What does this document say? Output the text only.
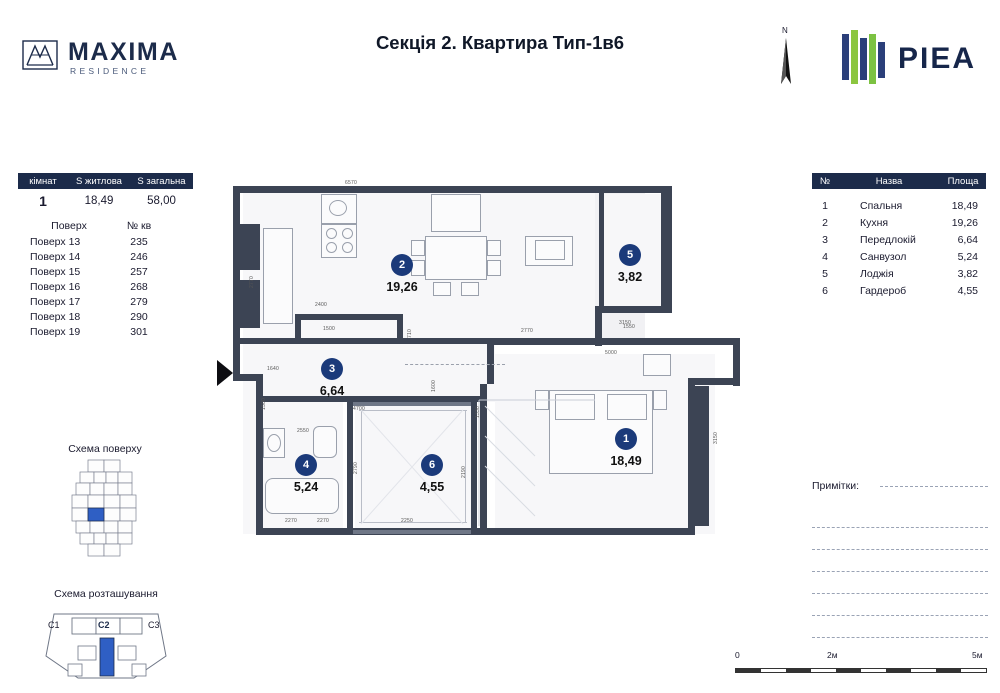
MAXIMA
RESIDENCE
Секція 2. Квартира Тип-1в6
N
РІЕА
кімнат	S житлова	S загальна
1	18,49	58,00
Поверх	№ кв
Поверх 13	235
Поверх 14	246
Поверх 15	257
Поверх 16	268
Поверх 17	279
Поверх 18	290
Поверх 19	301
Схема поверху
Схема розташування
C1	C2	C3
№	Назва	Площа
1	Спальня	18,49
2	Кухня	19,26
3	Передлокій	6,64
4	Санвузол	5,24
5	Лоджія	3,82
6	Гардероб	4,55
Примітки:
0	2м	5м
6570
5000
2400
2550
2770
3150
1550
2270
4700
1640
1500
2790	2190
3150
2250
1330
1500
2770
1600
2270
710
2
19,26
5
3,82
3
6,64
1
18,49
4
5,24
6
4,55
